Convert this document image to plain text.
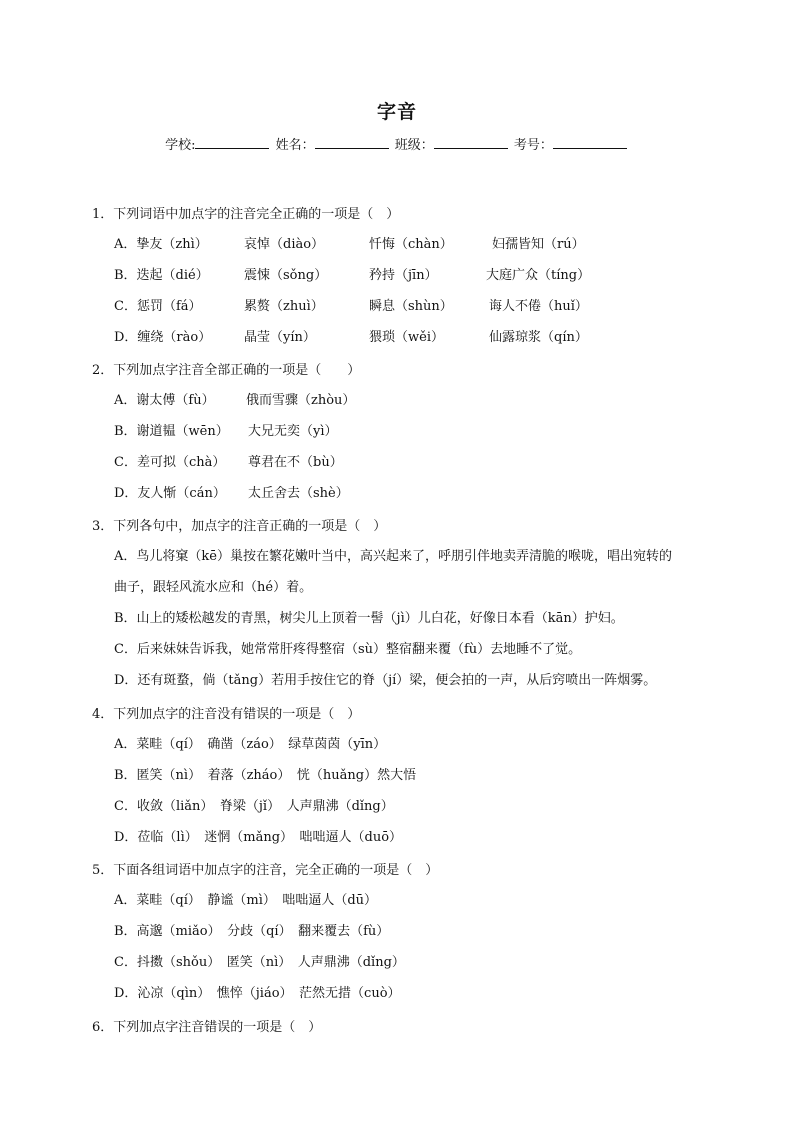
字音
学校:	姓名：	班级：	考号：
1．下列词语中加点字的注音完全正确的一项是（　）
A．挚友（zhì）	哀悼（diào）	忏悔（chàn）	妇孺皆知（rú）
B．迭起（dié）	震悚（sǒng）	矜持（jīn）	大庭广众（tíng）
C．惩罚（fá）	累赘（zhuì）	瞬息（shùn）	诲人不倦（huǐ）
D．缠绕（rào）	晶莹（yín）	猥琐（wěi）	仙露琼浆（qín）
2．下列加点字注音全部正确的一项是（　　）
A．谢太傅（fù） 俄而雪骤（zhòu）
B．谢道韫（wēn） 大兄无奕（yì）
C．差可拟（chà） 尊君在不（bù）
D．友人惭（cán） 太丘舍去（shè）
3．下列各句中，加点字的注音正确的一项是（　）
A．鸟儿将窠（kē）巢按在繁花嫩叶当中，高兴起来了，呼朋引伴地卖弄清脆的喉咙，唱出宛转的
曲子，跟轻风流水应和（hé）着。
B．山上的矮松越发的青黑，树尖儿上顶着一髻（jì）儿白花，好像日本看（kān）护妇。
C．后来妹妹告诉我，她常常肝疼得整宿（sù）整宿翻来覆（fù）去地睡不了觉。
D．还有斑蝥，倘（tǎng）若用手按住它的脊（jí）梁，便会拍的一声，从后窍喷出一阵烟雾。
4．下列加点字的注音没有错误的一项是（　）
A．菜畦（qí）　确凿（záo）　绿草茵茵（yīn）
B．匿笑（nì）　着落（zháo）　恍（huǎng）然大悟
C．收敛（liǎn）　脊梁（jǐ）　人声鼎沸（dǐng）
D．莅临（lì）　迷惘（mǎng）　咄咄逼人（duō）
5．下面各组词语中加点字的注音，完全正确的一项是（　）
A．菜畦（qí）　静谧（mì）　咄咄逼人（dū）
B．高邈（miǎo）　分歧（qí）　翻来覆去（fù）
C．抖擞（shǒu）　匿笑（nì）　人声鼎沸（dǐng）
D．沁凉（qìn）　憔悴（jiáo）　茫然无措（cuò）
6．下列加点字注音错误的一项是（　）
